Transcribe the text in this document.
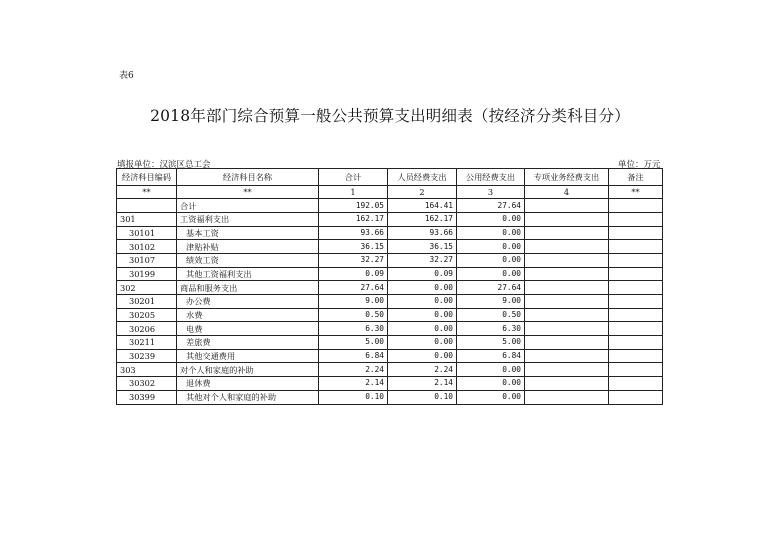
表6
2018年部门综合预算一般公共预算支出明细表（按经济分类科目分）
填报单位：汉滨区总工会	单位：万元
经济科目编码	经济科目名称	合计	人员经费支出	公用经费支出	专项业务经费支出	备注
**	**	1	2	3	4	**
	合计	192.05	164.41	27.64		
301	工资福利支出	162.17	162.17	0.00		
30101	基本工资	93.66	93.66	0.00		
30102	津贴补贴	36.15	36.15	0.00		
30107	绩效工资	32.27	32.27	0.00		
30199	其他工资福利支出	0.09	0.09	0.00		
302	商品和服务支出	27.64	0.00	27.64		
30201	办公费	9.00	0.00	9.00		
30205	水费	0.50	0.00	0.50		
30206	电费	6.30	0.00	6.30		
30211	差旅费	5.00	0.00	5.00		
30239	其他交通费用	6.84	0.00	6.84		
303	对个人和家庭的补助	2.24	2.24	0.00		
30302	退休费	2.14	2.14	0.00		
30399	其他对个人和家庭的补助	0.10	0.10	0.00		
